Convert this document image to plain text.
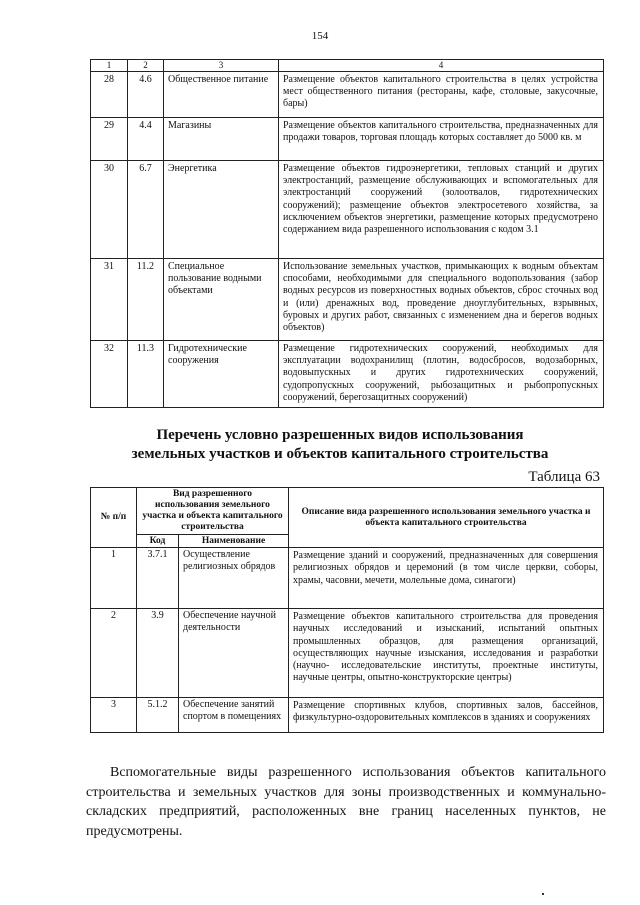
154
1	2	3	4
28	4.6	Общественное питание	Размещение объектов капитального строительства в целях устройства мест общественного питания (рестораны, кафе, столовые, закусочные, бары)
29	4.4	Магазины	Размещение объектов капитального строительства, предназначенных для продажи товаров, торговая площадь которых составляет до 5000 кв. м
30	6.7	Энергетика	Размещение объектов гидроэнергетики, тепловых станций и других электростанций, размещение обслуживающих и вспомогательных для электростанций сооружений (золоотвалов, гидротехнических сооружений); размещение объектов электросетевого хозяйства, за исключением объектов энергетики, размещение которых предусмотрено содержанием вида разрешенного использования с кодом 3.1
31	11.2	Специальное пользование водными объектами	Использование земельных участков, примыкающих к водным объектам способами, необходимыми для специального водопользования (забор водных ресурсов из поверхностных водных объектов, сброс сточных вод и (или) дренажных вод, проведение дноуглубительных, взрывных, буровых и других работ, связанных с изменением дна и берегов водных объектов)
32	11.3	Гидротехнические сооружения	Размещение гидротехнических сооружений, необходимых для эксплуатации водохранилищ (плотин, водосбросов, водозаборных, водовыпускных и других гидротехнических сооружений, судопропускных сооружений, рыбозащитных и рыбопропускных сооружений, берегозащитных сооружений)
Перечень условно разрешенных видов использования
земельных участков и объектов капитального строительства
Таблица 63
№ п/п	Вид разрешенного использования земельного участка и объекта капитального строительства		Описание вида разрешенного использования земельного участка и объекта капитального строительства
	Код	Наименование	
1	3.7.1	Осуществление религиозных обрядов	Размещение зданий и сооружений, предназначенных для совершения религиозных обрядов и церемоний (в том числе церкви, соборы, храмы, часовни, мечети, молельные дома, синагоги)
2	3.9	Обеспечение научной деятельности	Размещение объектов капитального строительства для проведения научных исследований и изысканий, испытаний опытных промышленных образцов, для размещения организаций, осуществляющих научные изыскания, исследования и разработки (научно- исследовательские институты, проектные институты, научные центры, опытно-конструкторские центры)
3	5.1.2	Обеспечение занятий спортом в помещениях	Размещение спортивных клубов, спортивных залов, бассейнов, физкультурно-оздоровительных комплексов в зданиях и сооружениях
Вспомогательные виды разрешенного использования объектов капитального строительства и земельных участков для зоны производственных и коммунально-складских предприятий, расположенных вне границ населенных пунктов, не предусмотрены.
